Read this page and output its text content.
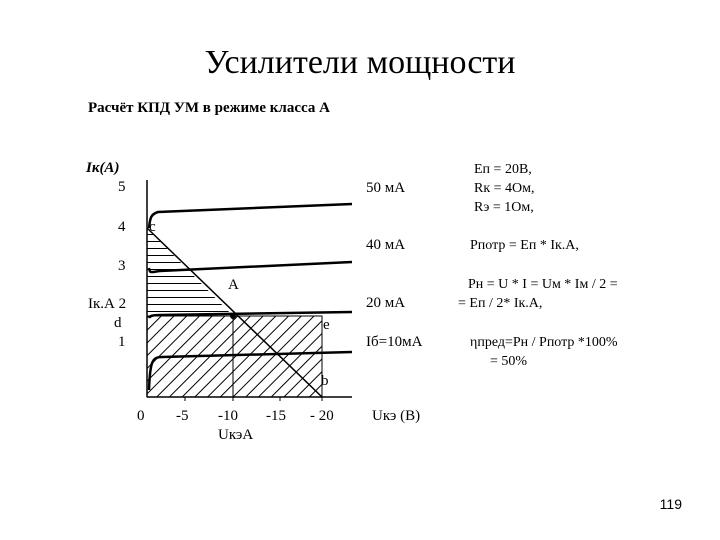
Усилители мощности
Расчёт КПД УМ в режиме класса А
Iк(А)
5
4
3
Iк.А 2
d
1
c
A
e
b
50 мА
40 мА
20 мА
Iб=10мА
0 -5 -10 -15 - 20	Uкэ (В)
UкэА
Eп = 20В,
Rк = 4Ом,
Rэ = 1Ом,
Pпотр = Eп * Iк.А,
Pн = U * I = Uм * Iм / 2 =
= Eп / 2* Iк.А,
ηпред=Pн / Pпотр *100%
= 50%
119
